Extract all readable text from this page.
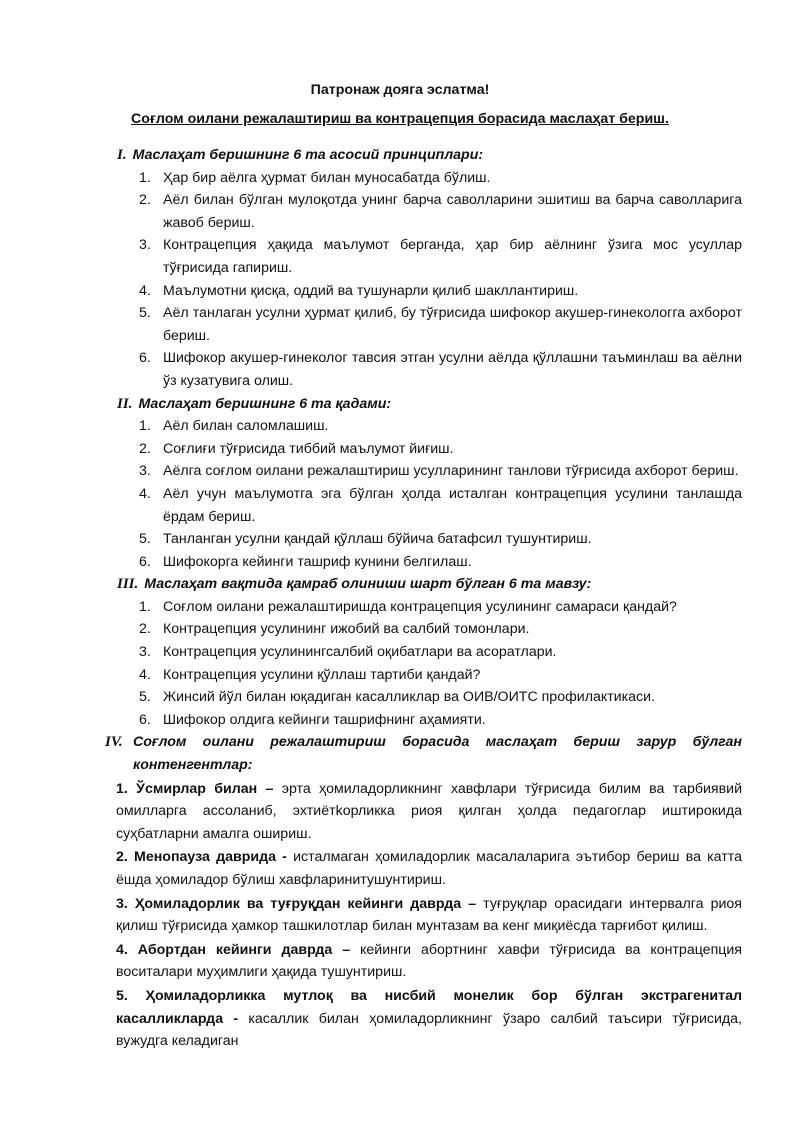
Патронаж дояга эслатма!
Соғлом оилани режалаштириш ва контрацепция борасида маслаҳат бериш.
I. Маслаҳат беришнинг 6 та асосий принциплари:
1. Ҳар бир аёлга ҳурмат билан муносабатда бўлиш.
2. Аёл билан бўлган мулоқотда унинг барча саволларини эшитиш ва барча саволларига жавоб бериш.
3. Контрацепция ҳақида маълумот берганда, ҳар бир аёлнинг ўзига мос усуллар тўғрисида гапириш.
4. Маълумотни қисқа, оддий ва тушунарли қилиб шакллантириш.
5. Аёл танлаган усулни ҳурмат қилиб, бу тўғрисида шифокор акушер-гинекологга ахборот бериш.
6. Шифокор акушер-гинеколог тавсия этган усулни аёлда қўллашни таъминлаш ва аёлни ўз кузатувига олиш.
II. Маслаҳат беришнинг 6 та қадами:
1. Аёл билан саломлашиш.
2. Соғлиғи тўғрисида тиббий маълумот йиғиш.
3. Аёлга соғлом оилани режалаштириш усулларининг танлови тўғрисида ахборот бериш.
4. Аёл учун маълумотга эга бўлган ҳолда исталган контрацепция усулини танлашда ёрдам бериш.
5. Танланган усулни қандай қўллаш бўйича батафсил тушунтириш.
6. Шифокорга кейинги ташриф кунини белгилаш.
III. Маслаҳат вақтида қамраб олиниши шарт бўлган 6 та мавзу:
1. Соғлом оилани режалаштиришда контрацепция усулининг самараси қандай?
2. Контрацепция усулининг ижобий ва салбий томонлари.
3. Контрацепция усулинингсалбий оқибатлари ва асоратлари.
4. Контрацепция усулини қўллаш тартиби қандай?
5. Жинсий йўл билан юқадиган касалликлар ва ОИВ/ОИТС профилактикаси.
6. Шифокор олдига кейинги ташрифнинг аҳамияти.
IV. Соғлом оилани режалаштириш борасида маслаҳат бериш зарур бўлган контенгентлар:
1. Ўсмирлар билан – эрта ҳомиладорликнинг хавфлари тўғрисида билим ва тарбиявий омилларга ассоланиб, эхтиётkорликка риоя қилган ҳолда педагоглар иштирокида суҳбатларни амалга ошириш.
2. Менопауза даврида - исталмаган ҳомиладорлик масалаларига эътибор бериш ва катта ёшда ҳомиладор бўлиш хавфларинитушунтириш.
3. Ҳомиладорлик ва туғруқдан кейинги даврда – туғруқлар орасидаги интервалга риоя қилиш тўғрисида ҳамкор ташкилотлар билан мунтазам ва кенг миқиёсда тарғибот қилиш.
4. Абортдан кейинги даврда – кейинги абортнинг хавфи тўғрисида ва контрацепция воситалари муҳимлиги ҳақида тушунтириш.
5. Ҳомиладорликка мутлоқ ва нисбий монелик бор бўлган экстрагенитал касалликларда - касаллик билан ҳомиладорликнинг ўзаро салбий таъсири тўғрисида, вужудга келадиган
